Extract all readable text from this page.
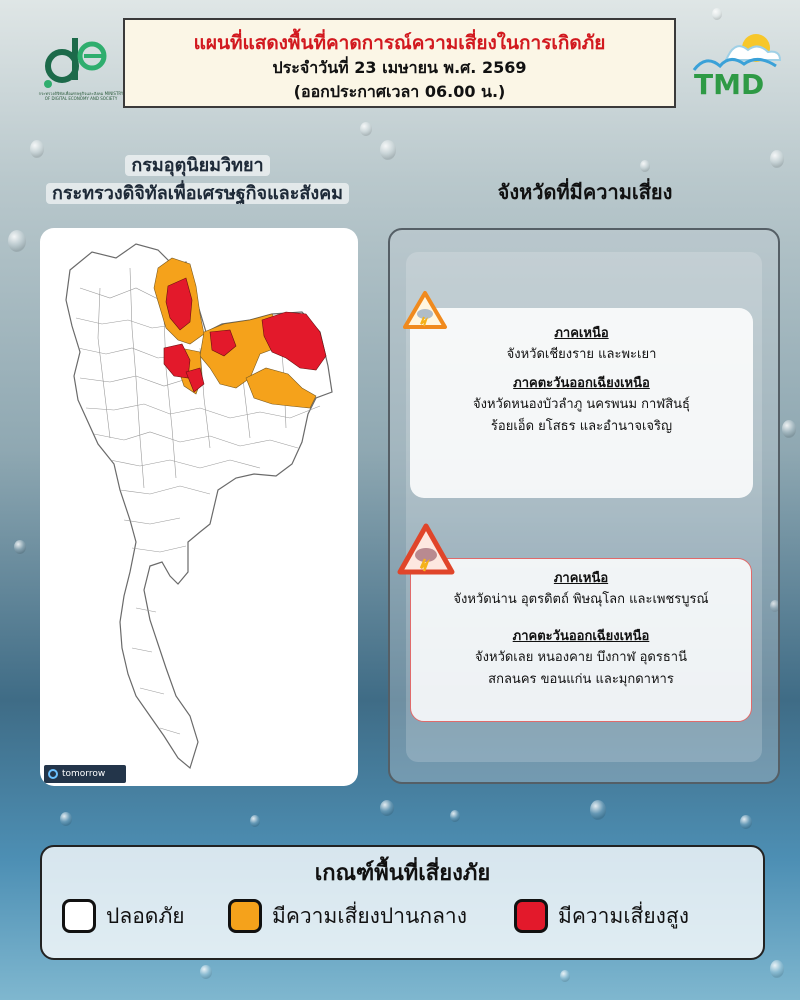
กระทรวงดิจิทัลเพื่อเศรษฐกิจและสังคม MINISTRY OF DIGITAL ECONOMY AND SOCIETY
แผนที่แสดงพื้นที่คาดการณ์ความเสี่ยงในการเกิดภัย
ประจำวันที่ 23 เมษายน พ.ศ. 2569
(ออกประกาศเวลา 06.00 น.)	TMD
กรมอุตุนิยมวิทยา
กระทรวงดิจิทัลเพื่อเศรษฐกิจและสังคม	จังหวัดที่มีความเสี่ยง
tomorrow
ภาคเหนือ
จังหวัดเชียงราย และพะเยา
ภาคตะวันออกเฉียงเหนือ
จังหวัดหนองบัวลำภู นครพนม กาฬสินธุ์
ร้อยเอ็ด ยโสธร และอำนาจเจริญ
ภาคเหนือ
จังหวัดน่าน อุตรดิตถ์ พิษณุโลก และเพชรบูรณ์
ภาคตะวันออกเฉียงเหนือ
จังหวัดเลย หนองคาย บึงกาฬ อุดรธานี
สกลนคร ขอนแก่น และมุกดาหาร
เกณฑ์พื้นที่เสี่ยงภัย
ปลอดภัย	มีความเสี่ยงปานกลาง	มีความเสี่ยงสูง
